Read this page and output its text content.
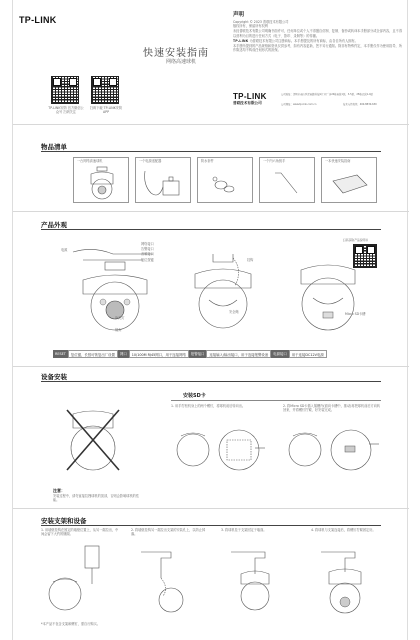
TP-LINK
快速安装指南
网络高速球机
TP-LINK安防 官方微信公众号 扫码关注
扫码下载 TP-LINK安防APP
声明
Copyright © 2023 普联技术有限公司
版权所有，保留所有权利
未经普联技术有限公司明确书面许可，任何单位或个人不得擅自仿制、复制、誊抄或转译本手册部分或全部内容，且不得以营利为目的进行任何方式（电子、影印、录制等）的传播。
TP-LINK 为普联技术有限公司注册商标。本手册提及的所有商标，由各自所有人拥有。
本手册所提到的产品规格和资讯仅供参考，如有内容更新，恕不另行通知。除非有特殊约定，本手册仅作为使用指导，所作陈述均不构成任何形式的担保。
TP-LINK
普联技术有限公司
公司地址：深圳市南山区深南路科技园工业厂房24栋南段1层、3-5层、28栋北段1-4层
公司网址：www.tp-link.com.cn	技术支持热线：400-8830-630
物品清单
一台网络高速球机	一个电源适配器	防水套件	一个内六角扳手	一本快速安装指南
产品外观
网络接口
告警接口
音频接口
复位按键
电源
补光灯
镜头
挂钩
安全绳	Micro SD卡槽
扫码获取产品说明书
RESET	复位键，长按可恢复出厂设置	网口	10/100M RJ45网口，用于连接网络	报警接口	连接输入/输出接口，用于连接报警设备	电源接口	用于连接DC12V电源
设备安装
注意：
安装过程中，请勿直接拉拽球机的顶部，否则会影响球机的性能。
安装SD卡
1. 用手拧松机身上的两个螺钉，将球机前后转向出。	2. 将Micro SD卡插入插槽内(面向卡槽中，推动)再把球机前后方向转回来，并将螺钉拧紧，好安装完成。
安装支架和设备
1. 用墙壁挂钩在固定的墙壁位置上，从另一端拉出，中间会留下大约的缝隙。
2. 将墙壁挂钩另一端拉出支架的安装孔上，以防止掉落。
3. 将球机挂于支架固定于墙面。	4. 将球机与支架连接后，将螺钉拧紧固定好。
*本产品不包含支架和螺钉，需自行购买。
